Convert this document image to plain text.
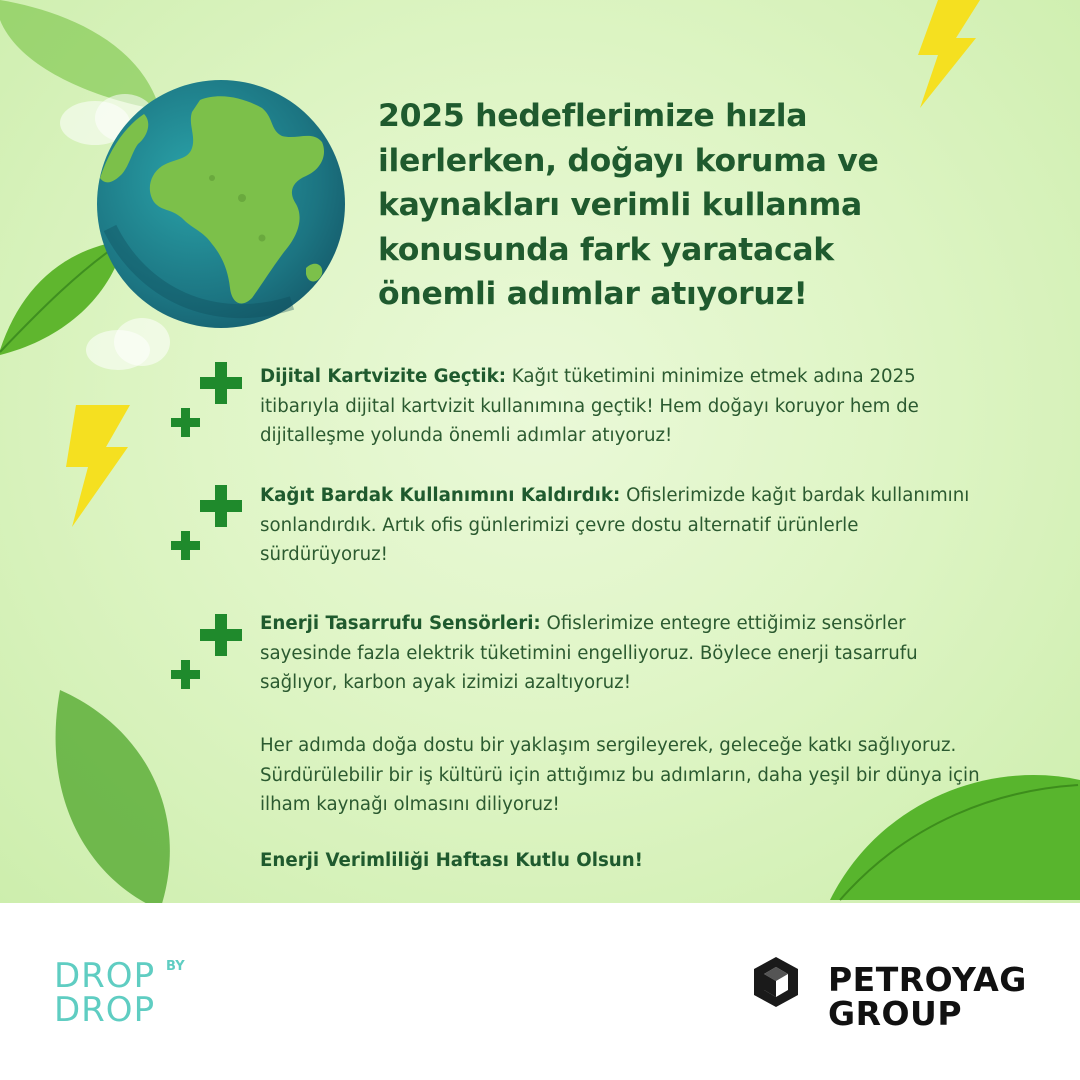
2025 hedeflerimize hızla
ilerlerken, doğayı koruma ve
kaynakları verimli kullanma
konusunda fark yaratacak
önemli adımlar atıyoruz!

Dijital Kartvizite Geçtik: Kağıt tüketimini minimize etmek adına 2025 itibarıyla dijital kartvizit kullanımına geçtik! Hem doğayı koruyor hem de dijitalleşme yolunda önemli adımlar atıyoruz!

Kağıt Bardak Kullanımını Kaldırdık: Ofislerimizde kağıt bardak kullanımını sonlandırdık. Artık ofis günlerimizi çevre dostu alternatif ürünlerle sürdürüyoruz!

Enerji Tasarrufu Sensörleri: Ofislerimize entegre ettiğimiz sensörler sayesinde fazla elektrik tüketimini engelliyoruz. Böylece enerji tasarrufu sağlıyor, karbon ayak izimizi azaltıyoruz!

Her adımda doğa dostu bir yaklaşım sergileyerek, geleceğe katkı sağlıyoruz. Sürdürülebilir bir iş kültürü için attığımız bu adımların, daha yeşil bir dünya için ilham kaynağı olmasını diliyoruz!

Enerji Verimliliği Haftası Kutlu Olsun!

DROP BY
DROP
PETROYAG
GROUP
